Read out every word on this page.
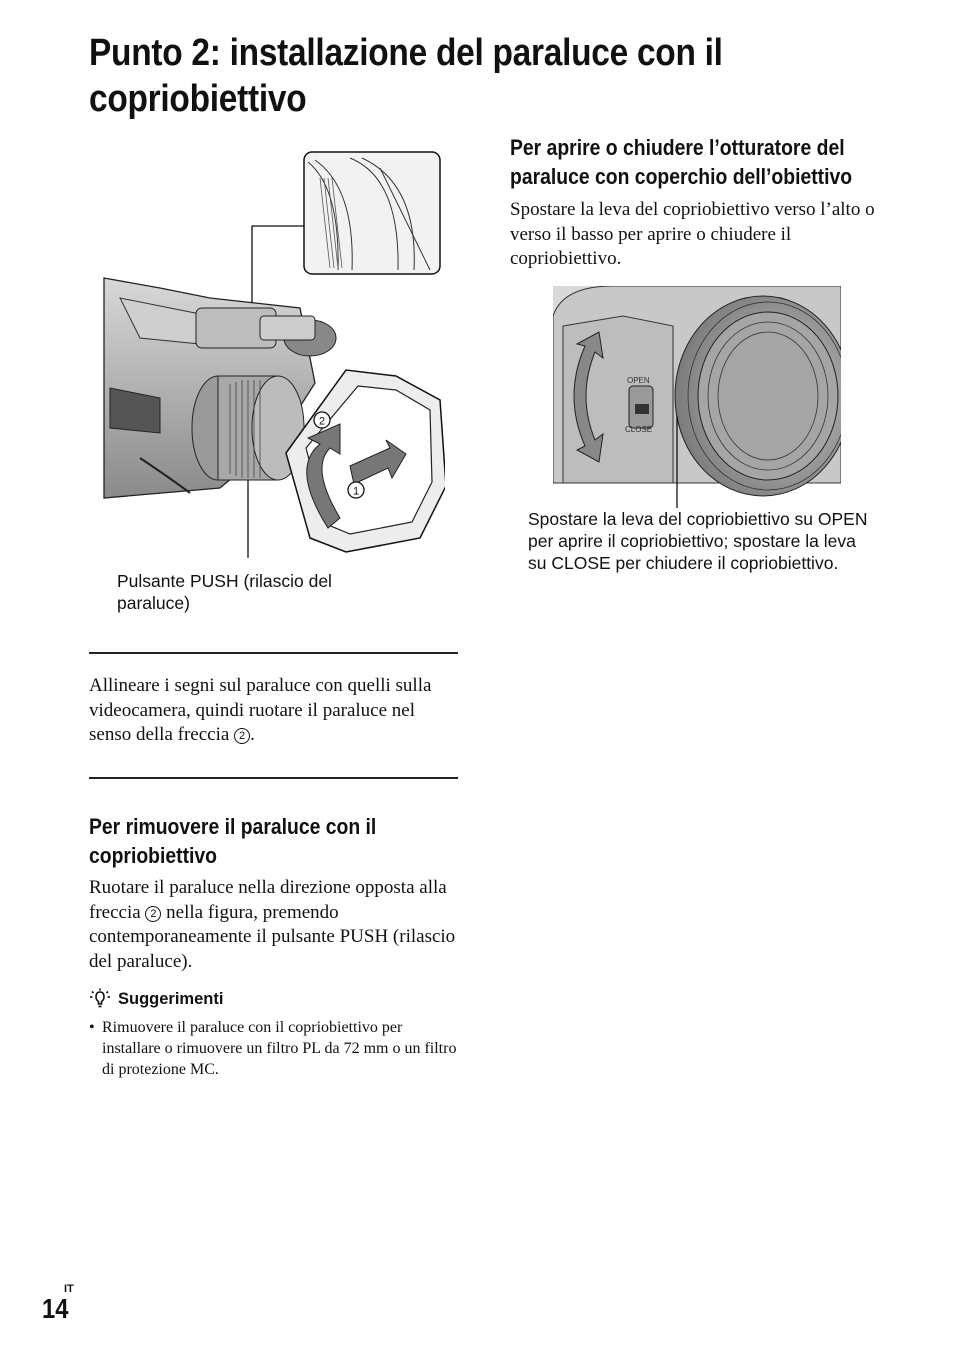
Punto 2: installazione del paraluce con il copriobiettivo
2
1
Pulsante PUSH (rilascio del paraluce)
Allineare i segni sul paraluce con quelli sulla videocamera, quindi ruotare il paraluce nel senso della freccia 2 .
Per rimuovere il paraluce con il copriobiettivo
Ruotare il paraluce nella direzione opposta alla freccia 2 nella figura, premendo contemporaneamente il pulsante PUSH (rilascio del paraluce).
Suggerimenti
• Rimuovere il paraluce con il copriobiettivo per installare o rimuovere un filtro PL da 72 mm o un filtro di protezione MC.
Per aprire o chiudere l’otturatore del paraluce con coperchio dell’obiettivo
Spostare la leva del copriobiettivo verso l’alto o verso il basso per aprire o chiudere il copriobiettivo.
OPEN
CLOSE
Spostare la leva del copriobiettivo su OPEN per aprire il copriobiettivo; spostare la leva su CLOSE per chiudere il copriobiettivo.
IT
14
